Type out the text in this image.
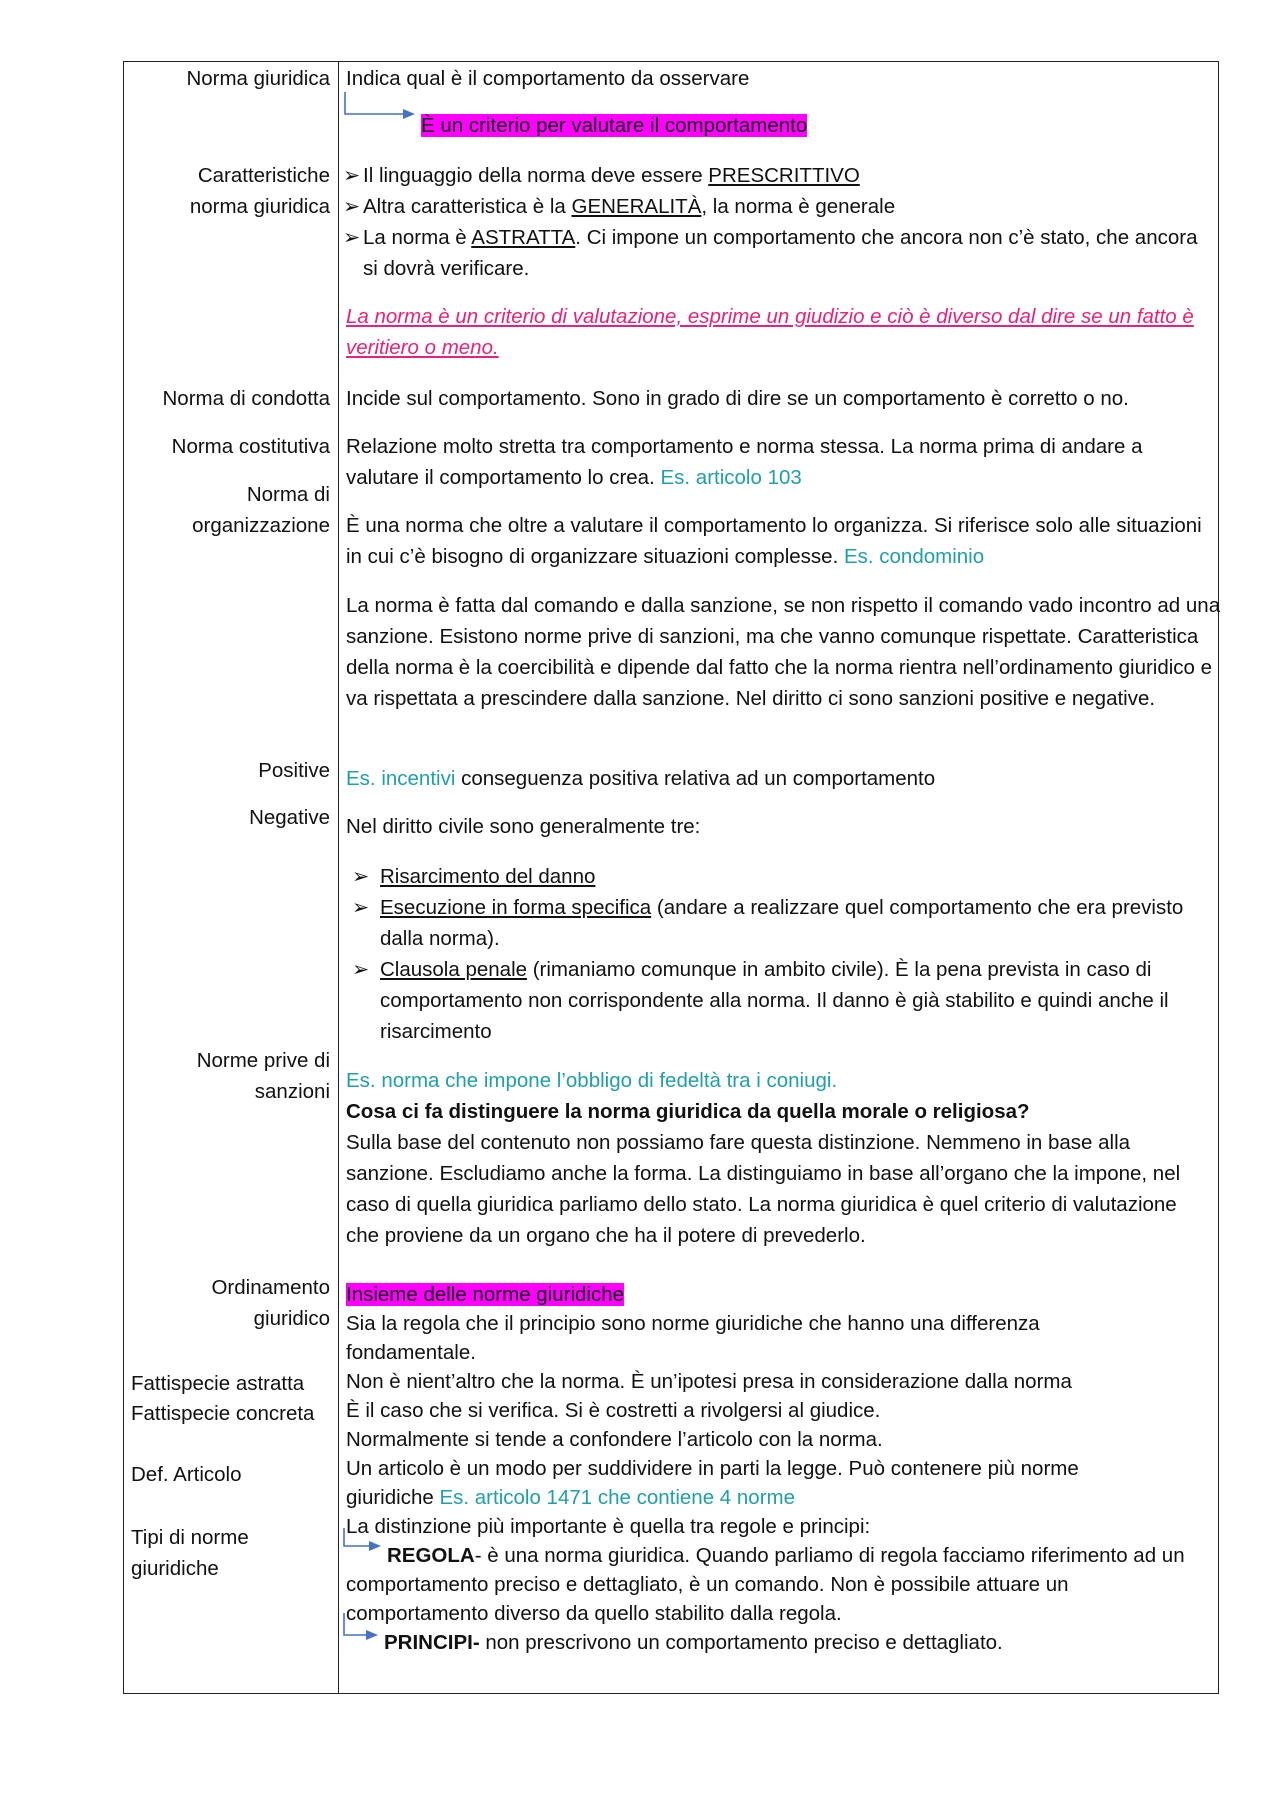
Norma giuridica
Caratteristiche
norma giuridica
Norma di condotta
Norma costitutiva
Norma di
organizzazione
Positive
Negative
Norme prive di
sanzioni
Ordinamento
giuridico
Fattispecie astratta
Fattispecie concreta
Def. Articolo
Tipi di norme
giuridiche
Indica qual è il comportamento da osservare
È un criterio per valutare il comportamento
➢ Il linguaggio della norma deve essere PRESCRITTIVO
➢ Altra caratteristica è la GENERALITÀ, la norma è generale
➢ La norma è ASTRATTA. Ci impone un comportamento che ancora non c’è stato, che ancora si dovrà verificare.
La norma è un criterio di valutazione, esprime un giudizio e ciò è diverso dal dire se un fatto è veritiero o meno.
Incide sul comportamento. Sono in grado di dire se un comportamento è corretto o no.
Relazione molto stretta tra comportamento e norma stessa. La norma prima di andare a valutare il comportamento lo crea. Es. articolo 103
È una norma che oltre a valutare il comportamento lo organizza. Si riferisce solo alle situazioni in cui c’è bisogno di organizzare situazioni complesse. Es. condominio
La norma è fatta dal comando e dalla sanzione, se non rispetto il comando vado incontro ad una sanzione. Esistono norme prive di sanzioni, ma che vanno comunque rispettate. Caratteristica della norma è la coercibilità e dipende dal fatto che la norma rientra nell’ordinamento giuridico e va rispettata a prescindere dalla sanzione. Nel diritto ci sono sanzioni positive e negative.
Es. incentivi conseguenza positiva relativa ad un comportamento
Nel diritto civile sono generalmente tre:
➢ Risarcimento del danno
➢ Esecuzione in forma specifica (andare a realizzare quel comportamento che era previsto dalla norma).
➢ Clausola penale (rimaniamo comunque in ambito civile). È la pena prevista in caso di comportamento non corrispondente alla norma. Il danno è già stabilito e quindi anche il risarcimento
Es. norma che impone l’obbligo di fedeltà tra i coniugi.
Cosa ci fa distinguere la norma giuridica da quella morale o religiosa?
Sulla base del contenuto non possiamo fare questa distinzione. Nemmeno in base alla sanzione. Escludiamo anche la forma. La distinguiamo in base all’organo che la impone, nel caso di quella giuridica parliamo dello stato. La norma giuridica è quel criterio di valutazione che proviene da un organo che ha il potere di prevederlo.
Insieme delle norme giuridiche
Sia la regola che il principio sono norme giuridiche che hanno una differenza fondamentale.
Non è nient’altro che la norma. È un’ipotesi presa in considerazione dalla norma
È il caso che si verifica. Si è costretti a rivolgersi al giudice.
Normalmente si tende a confondere l’articolo con la norma.
Un articolo è un modo per suddividere in parti la legge. Può contenere più norme giuridiche Es. articolo 1471 che contiene 4 norme
La distinzione più importante è quella tra regole e principi:
REGOLA- è una norma giuridica. Quando parliamo di regola facciamo riferimento ad un comportamento preciso e dettagliato, è un comando. Non è possibile attuare un comportamento diverso da quello stabilito dalla regola.
PRINCIPI- non prescrivono un comportamento preciso e dettagliato.
